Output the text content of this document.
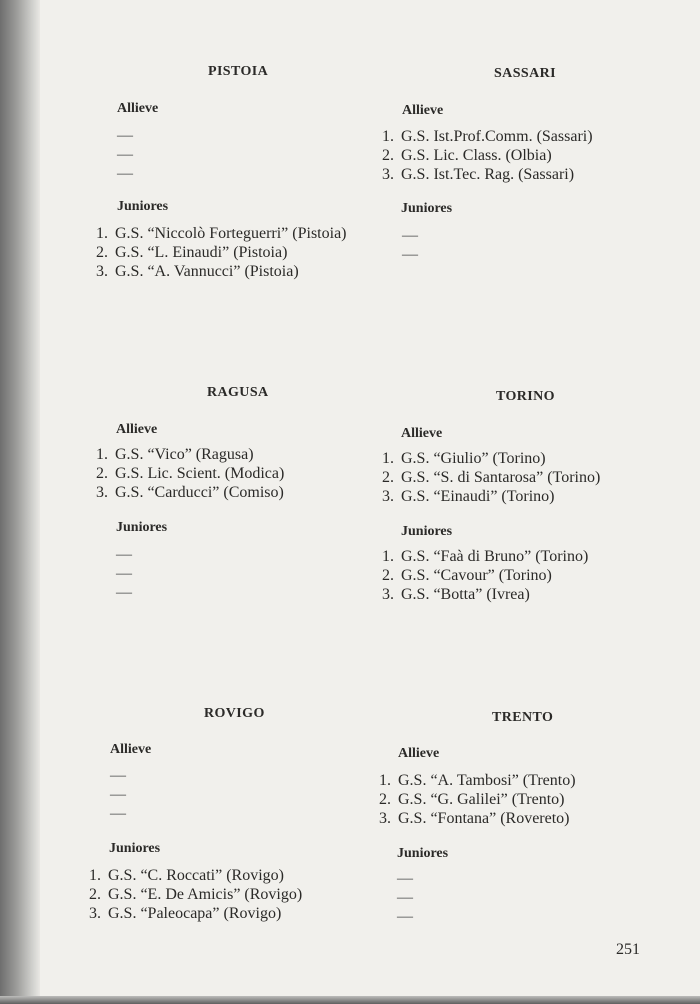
PISTOIA
Allieve
—
—
—
Juniores
1. G.S. “Niccolò Forteguerri” (Pistoia)
2. G.S. “L. Einaudi” (Pistoia)
3. G.S. “A. Vannucci” (Pistoia)
SASSARI
Allieve
1. G.S. Ist.Prof.Comm. (Sassari)
2. G.S. Lic. Class. (Olbia)
3. G.S. Ist.Tec. Rag. (Sassari)
Juniores
—
—
RAGUSA
Allieve
1. G.S. “Vico” (Ragusa)
2. G.S. Lic. Scient. (Modica)
3. G.S. “Carducci” (Comiso)
Juniores
—
—
—
TORINO
Allieve
1. G.S. “Giulio” (Torino)
2. G.S. “S. di Santarosa” (Torino)
3. G.S. “Einaudi” (Torino)
Juniores
1. G.S. “Faà di Bruno” (Torino)
2. G.S. “Cavour” (Torino)
3. G.S. “Botta” (Ivrea)
ROVIGO
Allieve
—
—
—
Juniores
1. G.S. “C. Roccati” (Rovigo)
2. G.S. “E. De Amicis” (Rovigo)
3. G.S. “Paleocapa” (Rovigo)
TRENTO
Allieve
1. G.S. “A. Tambosi” (Trento)
2. G.S. “G. Galilei” (Trento)
3. G.S. “Fontana” (Rovereto)
Juniores
—
—
—
251
